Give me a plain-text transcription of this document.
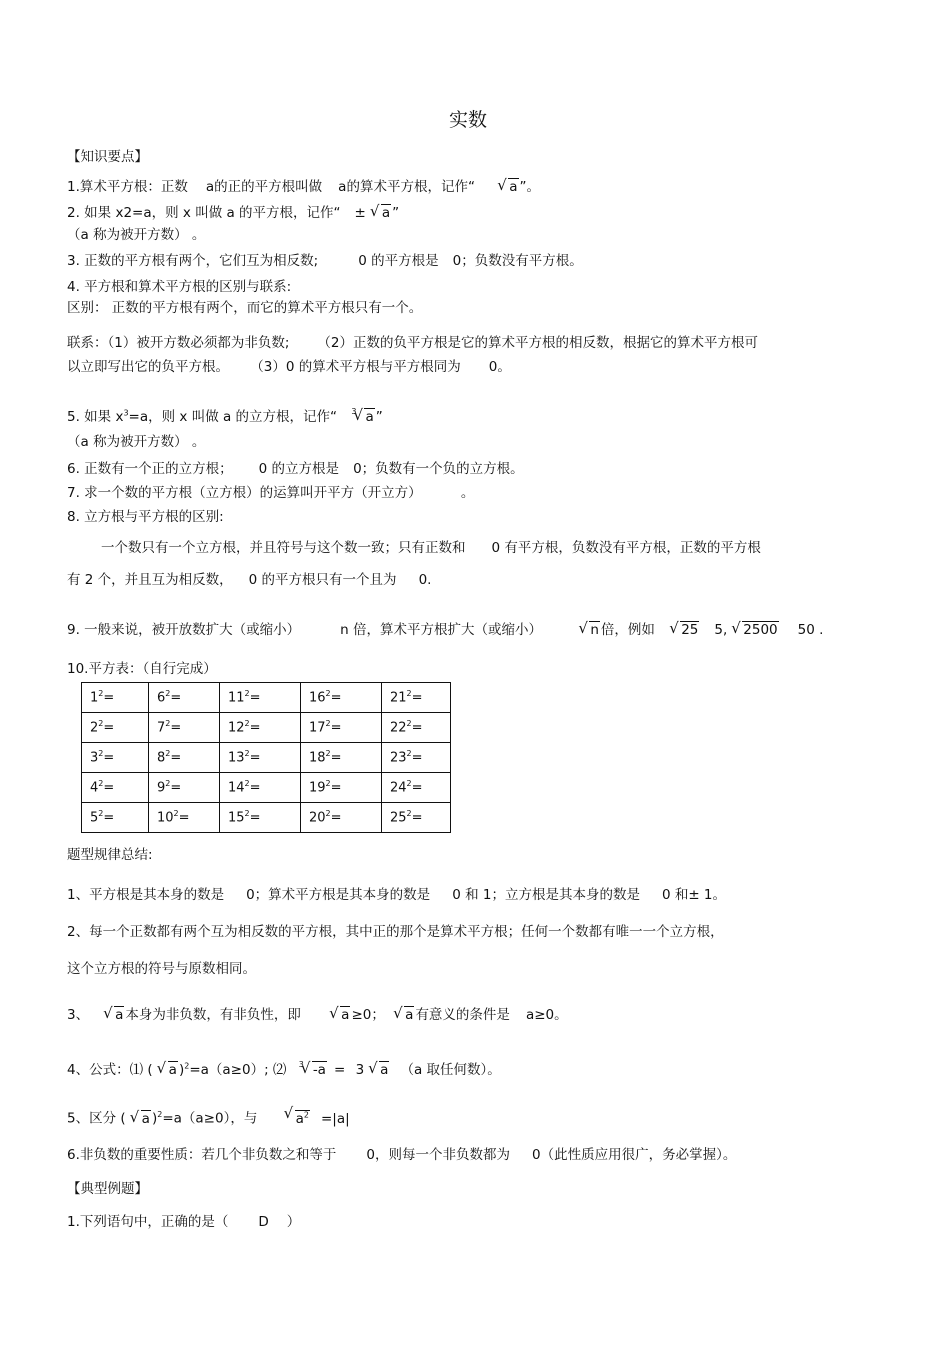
实数
【知识要点】
1.算术平方根：正数 a的正的平方根叫做 a的算术平方根，记作“	√ a ”。
2. 如果 x2=a，则 x 叫做 a 的平方根，记作“ ± √ a ”
（a 称为被开方数） 。
3. 正数的平方根有两个，它们互为相反数;	0 的平方根是 0；负数没有平方根。
4. 平方根和算术平方根的区别与联系:
区别： 正数的平方根有两个，而它的算术平方根只有一个。
联系：（1）被开方数必须都为非负数; （2）正数的负平方根是它的算术平方根的相反数，根据它的算术平方根可
以立即写出它的负平方根。 （3）0 的算术平方根与平方根同为 0。
5. 如果 $x^3=a$，则 x 叫做 a 的立方根，记作“ $^3$ √ a ”
（a 称为被开方数） 。
6. 正数有一个正的立方根； 0 的立方根是 0；负数有一个负的立方根。
7. 求一个数的平方根（立方根）的运算叫开平方（开立方）	。
8. 立方根与平方根的区别:
一个数只有一个立方根，并且符号与这个数一致；只有正数和 0 有平方根，负数没有平方根，正数的平方根
有 2 个，并且互为相反数， 0 的平方根只有一个且为 0.
9. 一般来说，被开放数扩大（或缩小）	n 倍，算术平方根扩大（或缩小）	√ n 倍，例如 √ 25 5, √ 2500 50 .
10.平方表：（自行完成）
$1^2=$	$6^2=$	$11^2=$	$16^2=$	$21^2=$
$2^2=$	$7^2=$	$12^2=$	$17^2=$	$22^2=$
$3^2=$	$8^2=$	$13^2=$	$18^2=$	$23^2=$
$4^2=$	$9^2=$	$14^2=$	$19^2=$	$24^2=$
$5^2=$	$10^2=$	$15^2=$	$20^2=$	$25^2=$
题型规律总结:
1、平方根是其本身的数是 0；算术平方根是其本身的数是 0 和 1；立方根是其本身的数是 0 和± 1。
2、每一个正数都有两个互为相反数的平方根，其中正的那个是算术平方根；任何一个数都有唯一一个立方根，
这个立方根的符号与原数相同。
3、 √ a 本身为非负数，有非负性，即	√ a ≥0； √ a 有意义的条件是 a≥0。
4、公式：⑴ ( √ a )$^2$=a（a≥0）; ⑵ $^3$ √ -a = 3 √ a （a 取任何数）。
5、区分 ( √ a )$^2$=a（a≥0），与	√ $a^2 =|a|$
6.非负数的重要性质：若几个非负数之和等于 0，则每一个非负数都为 0（此性质应用很广，务必掌握）。
【典型例题】
1.下列语句中，正确的是（ D ）
